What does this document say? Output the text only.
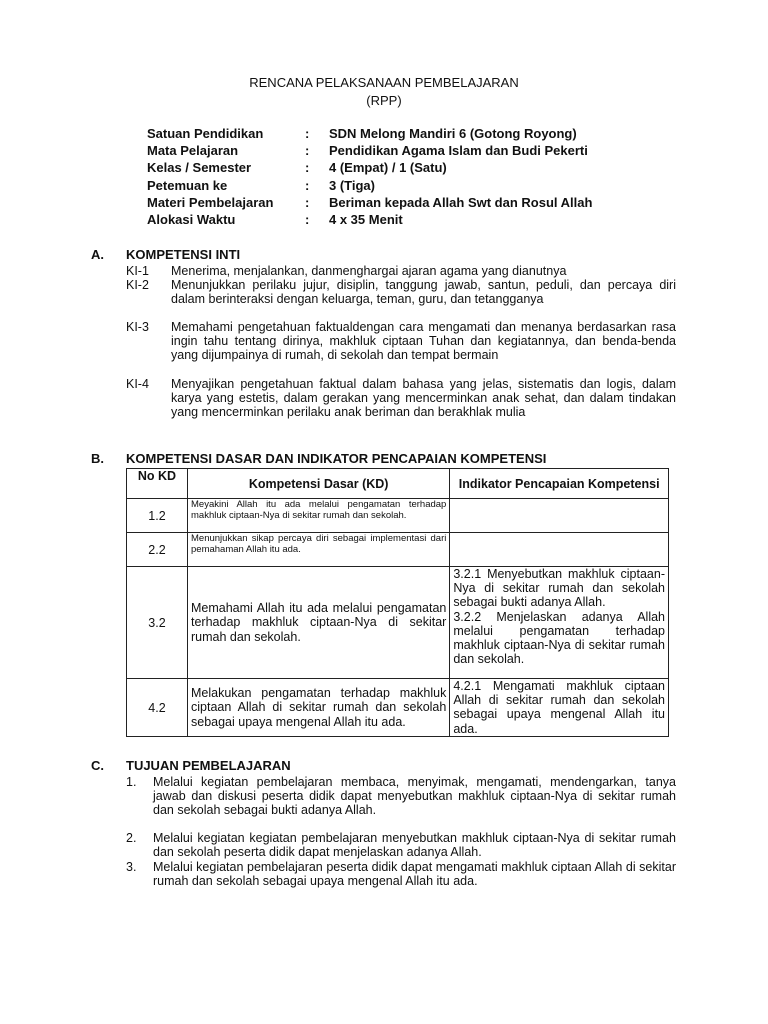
RENCANA PELAKSANAAN PEMBELAJARAN
(RPP)
Satuan Pendidikan	:	SDN Melong Mandiri 6 (Gotong Royong)
Mata Pelajaran	:	Pendidikan Agama Islam dan Budi Pekerti
Kelas / Semester	:	4 (Empat) / 1 (Satu)
Petemuan ke	:	3 (Tiga)
Materi Pembelajaran	:	Beriman kepada Allah Swt dan Rosul Allah
Alokasi Waktu	:	4 x 35 Menit
A. KOMPETENSI INTI
KI-1 Menerima, menjalankan, danmenghargai ajaran agama yang dianutnya
KI-2 Menunjukkan perilaku jujur, disiplin, tanggung jawab, santun, peduli, dan percaya diri dalam berinteraksi dengan keluarga, teman, guru, dan tetangganya
KI-3 Memahami pengetahuan faktualdengan cara mengamati dan menanya berdasarkan rasa ingin tahu tentang dirinya, makhluk ciptaan Tuhan dan kegiatannya, dan benda-benda yang dijumpainya di rumah, di sekolah dan tempat bermain
KI-4 Menyajikan pengetahuan faktual dalam bahasa yang jelas, sistematis dan logis, dalam karya yang estetis, dalam gerakan yang mencerminkan anak sehat, dan dalam tindakan yang mencerminkan perilaku anak beriman dan berakhlak mulia
B. KOMPETENSI DASAR DAN INDIKATOR PENCAPAIAN KOMPETENSI
No KD	Kompetensi Dasar (KD)	Indikator Pencapaian Kompetensi
1.2	Meyakini Allah itu ada melalui pengamatan terhadap makhluk ciptaan-Nya di sekitar rumah dan sekolah.	
2.2	Menunjukkan sikap percaya diri sebagai implementasi dari pemahaman Allah itu ada.	
3.2	Memahami Allah itu ada melalui pengamatan terhadap makhluk ciptaan-Nya di sekitar rumah dan sekolah.	3.2.1 Menyebutkan makhluk ciptaan-Nya di sekitar rumah dan sekolah sebagai bukti adanya Allah.
3.2.2 Menjelaskan adanya Allah melalui pengamatan terhadap makhluk ciptaan-Nya di sekitar rumah dan sekolah.

4.2	Melakukan pengamatan terhadap makhluk ciptaan Allah di sekitar rumah dan sekolah sebagai upaya mengenal Allah itu ada.	4.2.1 Mengamati makhluk ciptaan Allah di sekitar rumah dan sekolah sebagai upaya mengenal Allah itu ada.
C. TUJUAN PEMBELAJARAN
1. Melalui kegiatan pembelajaran membaca, menyimak, mengamati, mendengarkan, tanya jawab dan diskusi peserta didik dapat menyebutkan makhluk ciptaan-Nya di sekitar rumah dan sekolah sebagai bukti adanya Allah.
2. Melalui kegiatan kegiatan pembelajaran menyebutkan makhluk ciptaan-Nya di sekitar rumah dan sekolah peserta didik dapat menjelaskan adanya Allah.
3. Melalui kegiatan pembelajaran peserta didik dapat mengamati makhluk ciptaan Allah di sekitar rumah dan sekolah sebagai upaya mengenal Allah itu ada.
